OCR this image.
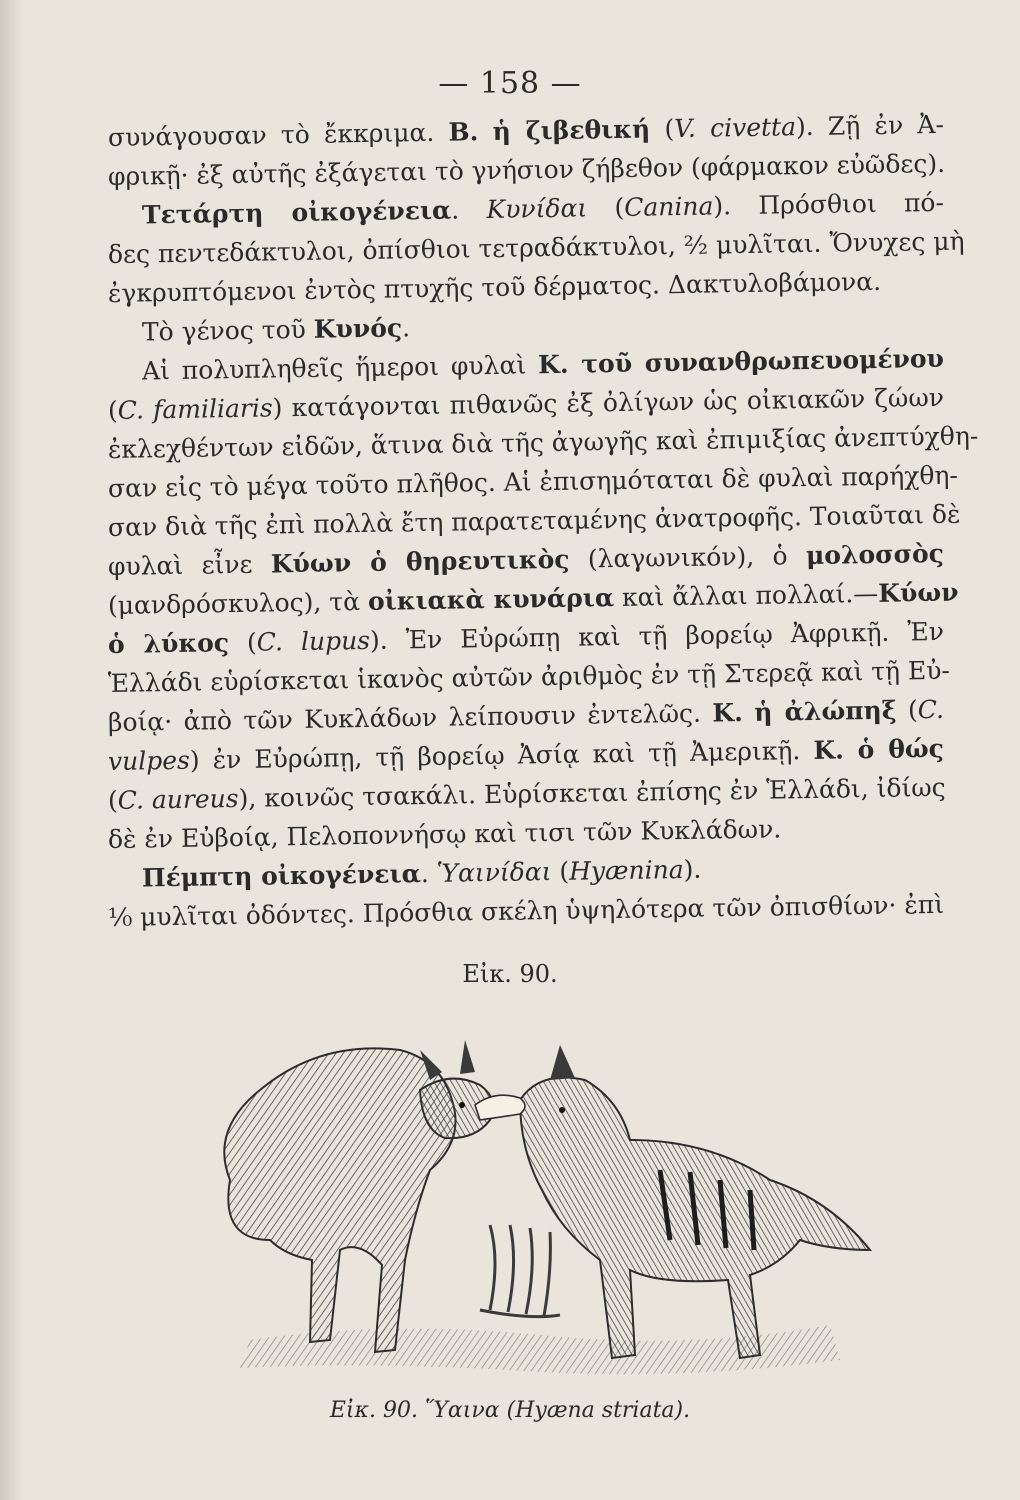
— 158 —
συνάγουσαν τὸ ἔκκριμα. Β. ἡ ζιβεθική (V. civetta). Ζῇ ἐν Ἀ-
φρικῇ· ἐξ αὐτῆς ἐξάγεται τὸ γνήσιον ζήβεθον (φάρμακον εὐῶδες).
Τετάρτη οἰκογένεια. Κυνίδαι (Canina). Πρόσθιοι πό-
δες πεντεδάκτυλοι, ὀπίσθιοι τετραδάκτυλοι, ²⁄₂ μυλῖται. Ὄνυχες μὴ
ἐγκρυπτόμενοι ἐντὸς πτυχῆς τοῦ δέρματος. Δακτυλοβάμονα.
Τὸ γένος τοῦ Κυνός.
Αἱ πολυπληθεῖς ἥμεροι φυλαὶ Κ. τοῦ συνανθρωπευομένου
(C. familiaris) κατάγονται πιθανῶς ἐξ ὀλίγων ὡς οἰκιακῶν ζώων
ἐκλεχθέντων εἰδῶν, ἅτινα διὰ τῆς ἀγωγῆς καὶ ἐπιμιξίας ἀνεπτύχθη-
σαν εἰς τὸ μέγα τοῦτο πλῆθος. Αἱ ἐπισημόταται δὲ φυλαὶ παρήχθη-
σαν διὰ τῆς ἐπὶ πολλὰ ἔτη παρατεταμένης ἀνατροφῆς. Τοιαῦται δὲ
φυλαὶ εἶνε Κύων ὁ θηρευτικὸς (λαγωνικόν), ὁ μολοσσὸς
(μανδρόσκυλος), τὰ οἰκιακὰ κυνάρια καὶ ἄλλαι πολλαί.—Κύων
ὁ λύκος (C. lupus). Ἐν Εὐρώπῃ καὶ τῇ βορείῳ Ἀφρικῇ. Ἐν
Ἑλλάδι εὑρίσκεται ἱκανὸς αὐτῶν ἀριθμὸς ἐν τῇ Στερεᾷ καὶ τῇ Εὐ-
βοίᾳ· ἀπὸ τῶν Κυκλάδων λείπουσιν ἐντελῶς. Κ. ἡ ἀλώπηξ (C.
vulpes) ἐν Εὐρώπῃ, τῇ βορείῳ Ἀσίᾳ καὶ τῇ Ἀμερικῇ. Κ. ὁ θώς
(C. aureus), κοινῶς τσακάλι. Εὑρίσκεται ἐπίσης ἐν Ἑλλάδι, ἰδίως
δὲ ἐν Εὐβοίᾳ, Πελοποννήσῳ καὶ τισι τῶν Κυκλάδων.
Πέμπτη οἰκογένεια. Ὑαινίδαι (Hyænina).
¹⁄₀ μυλῖται ὀδόντες. Πρόσθια σκέλη ὑψηλότερα τῶν ὀπισθίων· ἐπὶ
Εἰκ. 90.
Εἰκ. 90. Ὕαινα (Hyæna striata).
